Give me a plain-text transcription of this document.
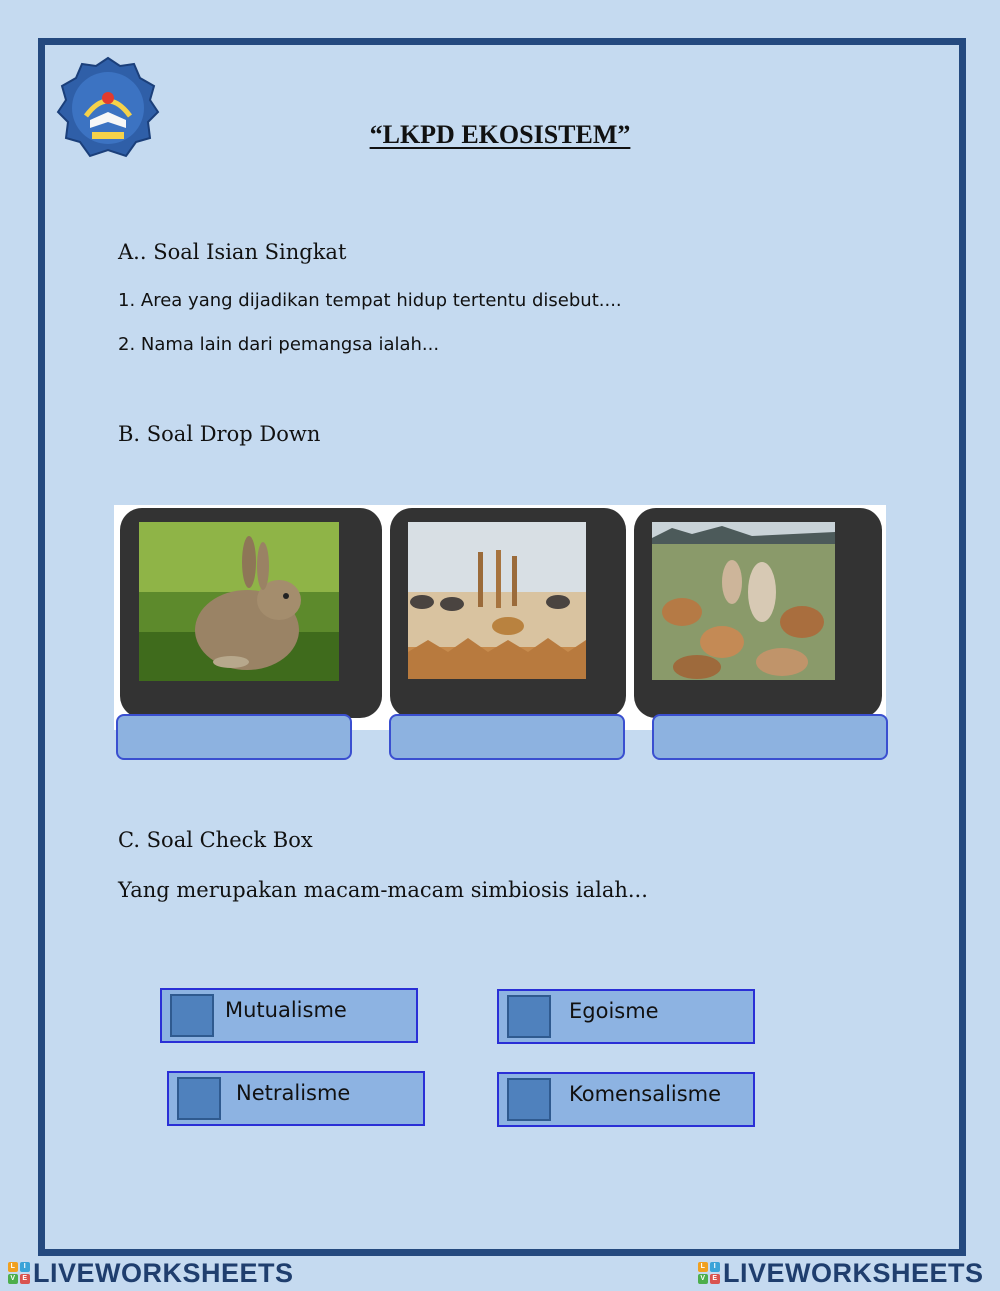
“LKPD EKOSISTEM”
A.. Soal Isian Singkat
1. Area yang dijadikan tempat hidup tertentu disebut....
2. Nama lain dari pemangsa ialah...
B. Soal Drop Down
C. Soal Check Box
Yang merupakan macam-macam simbiosis ialah...
Mutualisme	Egoisme
Netralisme	Komensalisme
L	I
V E LIVEWORKSHEETS	L	I
V E LIVEWORKSHEETS
